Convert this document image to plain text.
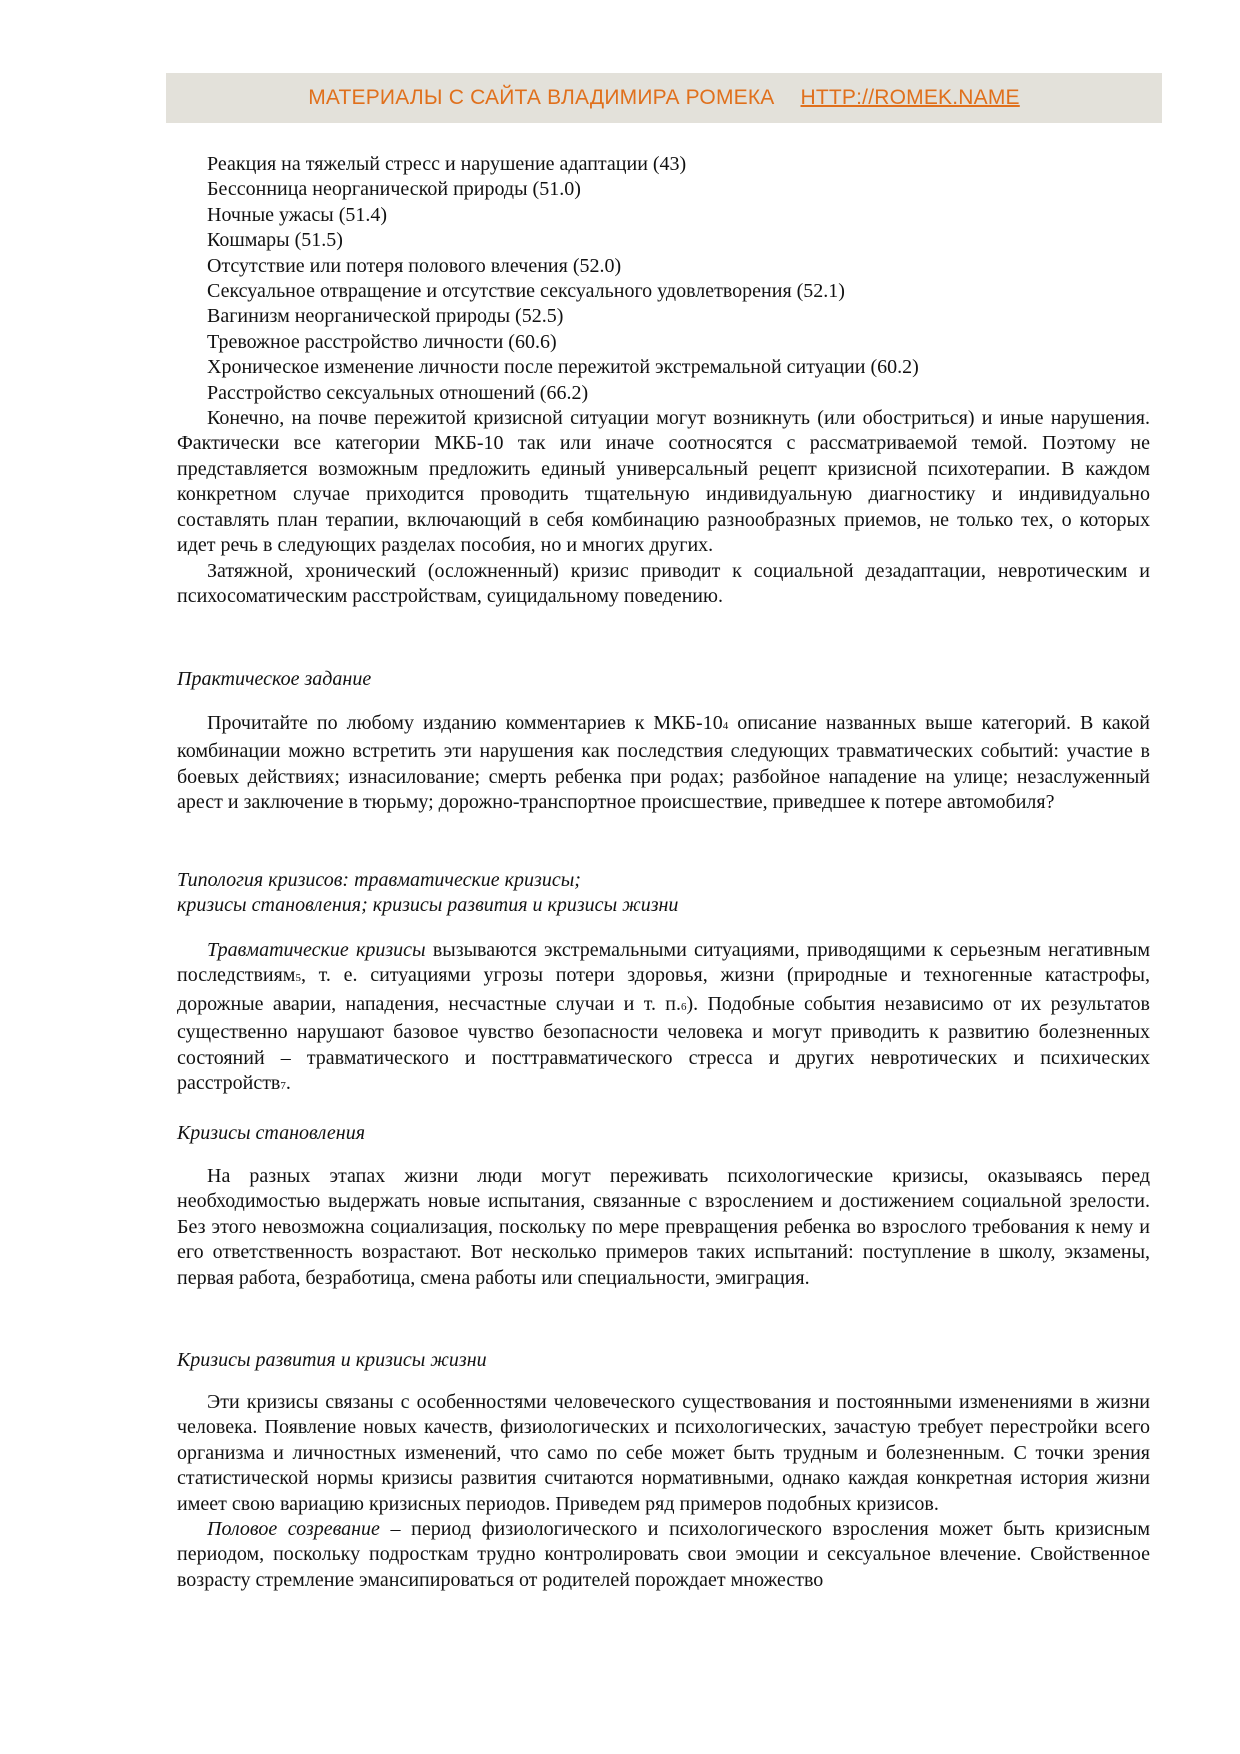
МАТЕРИАЛЫ С САЙТА ВЛАДИМИРА РОМЕКА	HTTP://ROMEK.NAME
Реакция на тяжелый стресс и нарушение адаптации (43)
Бессонница неорганической природы (51.0)
Ночные ужасы (51.4)
Кошмары (51.5)
Отсутствие или потеря полового влечения (52.0)
Сексуальное отвращение и отсутствие сексуального удовлетворения (52.1)
Вагинизм неорганической природы (52.5)
Тревожное расстройство личности (60.6)
Хроническое изменение личности после пережитой экстремальной ситуации (60.2)
Расстройство сексуальных отношений (66.2)

Конечно, на почве пережитой кризисной ситуации могут возникнуть (или обостриться) и иные нарушения. Фактически все категории МКБ-10 так или иначе соотносятся с рассматриваемой темой. Поэтому не представляется возможным предложить единый универсальный рецепт кризисной психотерапии. В каждом конкретном случае приходится проводить тщательную индивидуальную диагностику и индивидуально составлять план терапии, включающий в себя комбинацию разнообразных приемов, не только тех, о которых идет речь в следующих разделах пособия, но и многих других.

Затяжной, хронический (осложненный) кризис приводит к социальной дезадаптации, невротическим и психосоматическим расстройствам, суицидальному поведению.

Практическое задание

Прочитайте по любому изданию комментариев к МКБ-104 описание названных выше категорий. В какой комбинации можно встретить эти нарушения как последствия следующих травматических событий: участие в боевых действиях; изнасилование; смерть ребенка при родах; разбойное нападение на улице; незаслуженный арест и заключение в тюрьму; дорожно-транспортное происшествие, приведшее к потере автомобиля?

Типология кризисов: травматические кризисы;
кризисы становления; кризисы развития и кризисы жизни

Травматические кризисы вызываются экстремальными ситуациями, приводящими к серьезным негативным последствиям5, т. е. ситуациями угрозы потери здоровья, жизни (природные и техногенные катастрофы, дорожные аварии, нападения, несчастные случаи и т. п.6). Подобные события независимо от их результатов существенно нарушают базовое чувство безопасности человека и могут приводить к развитию болезненных состояний – травматического и посттравматического стресса и других невротических и психических расстройств7.

Кризисы становления

На разных этапах жизни люди могут переживать психологические кризисы, оказываясь перед необходимостью выдержать новые испытания, связанные с взрослением и достижением социальной зрелости. Без этого невозможна социализация, поскольку по мере превращения ребенка во взрослого требования к нему и его ответственность возрастают. Вот несколько примеров таких испытаний: поступление в школу, экзамены, первая работа, безработица, смена работы или специальности, эмиграция.

Кризисы развития и кризисы жизни

Эти кризисы связаны с особенностями человеческого существования и постоянными изменениями в жизни человека. Появление новых качеств, физиологических и психологических, зачастую требует перестройки всего организма и личностных изменений, что само по себе может быть трудным и болезненным. С точки зрения статистической нормы кризисы развития считаются нормативными, однако каждая конкретная история жизни имеет свою вариацию кризисных периодов. Приведем ряд примеров подобных кризисов.

Половое созревание – период физиологического и психологического взросления может быть кризисным периодом, поскольку подросткам трудно контролировать свои эмоции и сексуальное влечение. Свойственное возрасту стремление эмансипироваться от родителей порождает множество
